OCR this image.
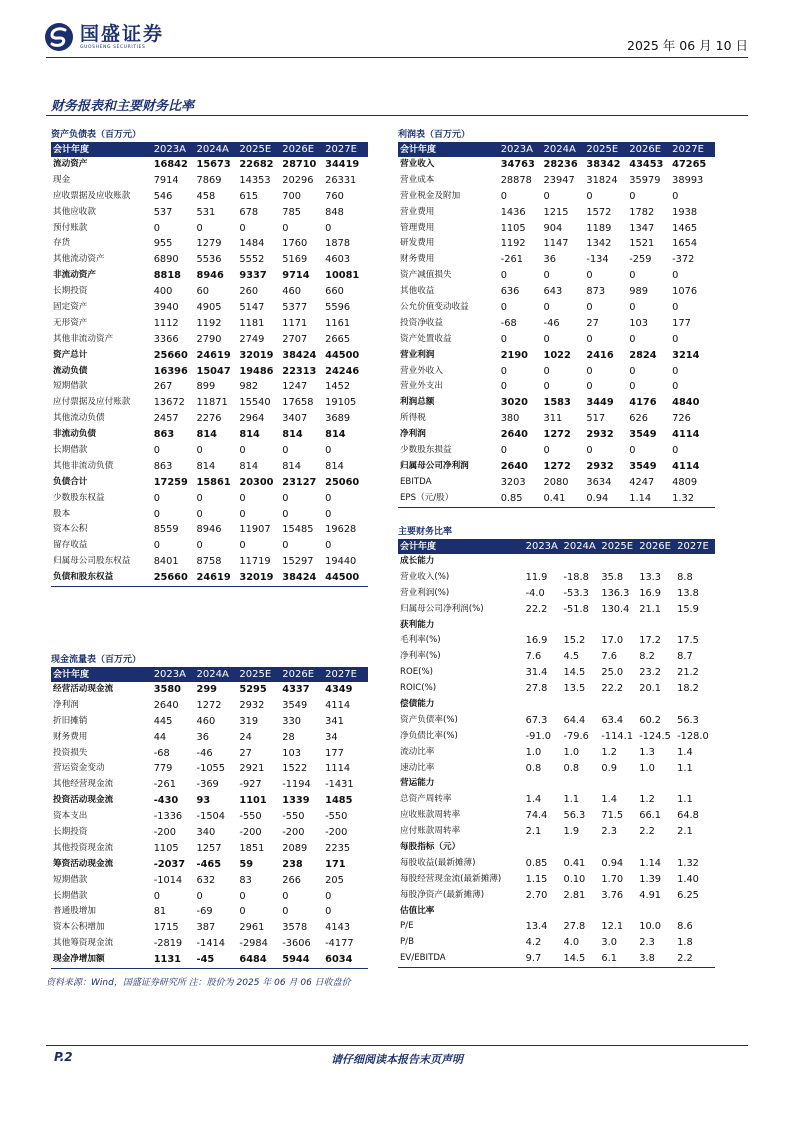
国盛证券
GUOSHENG SECURITIES	2025 年 06 月 10 日
财务报表和主要财务比率
资产负债表（百万元）
会计年度	2023A	2024A	2025E	2026E	2027E
流动资产	16842 15673 22682 28710 34419
现金	7914	7869	14353	20296	26331
应收票据及应收账款	546	458	615	700	760
其他应收款	537	531	678	785	848
预付账款	0	0	0	0	0
存货	955	1279	1484	1760	1878
其他流动资产	6890	5536	5552	5169	4603
非流动资产	8818	8946	9337	9714	10081
长期投资	400	60	260	460	660
固定资产	3940	4905	5147	5377	5596
无形资产	1112	1192	1181	1171	1161
其他非流动资产	3366	2790	2749	2707	2665
资产总计	25660 24619 32019 38424 44500
流动负债	16396 15047 19486 22313 24246
短期借款	267	899	982	1247	1452
应付票据及应付账款	13672	11871	15540	17658	19105
其他流动负债	2457	2276	2964	3407	3689
非流动负债	863	814	814	814	814
长期借款	0	0	0	0	0
其他非流动负债	863	814	814	814	814
负债合计	17259 15861 20300 23127 25060
少数股东权益	0	0	0	0	0
股本	0	0	0	0	0
资本公积	8559	8946	11907	15485	19628
留存收益	0	0	0	0	0
归属母公司股东权益	8401	8758	11719	15297	19440
负债和股东权益	25660 24619 32019 38424 44500
现金流量表（百万元）
会计年度	2023A	2024A	2025E	2026E	2027E
经营活动现金流	3580	299	5295	4337	4349
净利润	2640	1272	2932	3549	4114
折旧摊销	445	460	319	330	341
财务费用	44	36	24	28	34
投资损失	-68	-46	27	103	177
营运资金变动	779	-1055	2921	1522	1114
其他经营现金流	-261	-369	-927	-1194	-1431
投资活动现金流	-430	93	1101	1339	1485
资本支出	-1336	-1504	-550	-550	-550
长期投资	-200	340	-200	-200	-200
其他投资现金流	1105	1257	1851	2089	2235
筹资活动现金流	-2037	-465	59	238	171
短期借款	-1014	632	83	266	205
长期借款	0	0	0	0	0
普通股增加	81	-69	0	0	0
资本公积增加	1715	387	2961	3578	4143
其他筹资现金流	-2819	-1414	-2984	-3606	-4177
现金净增加额	1131	-45	6484	5944	6034
利润表（百万元）
会计年度	2023A	2024A	2025E	2026E	2027E
营业收入	34763 28236 38342 43453 47265
营业成本	28878	23947	31824	35979	38993
营业税金及附加	0	0	0	0	0
营业费用	1436	1215	1572	1782	1938
管理费用	1105	904	1189	1347	1465
研发费用	1192	1147	1342	1521	1654
财务费用	-261	36	-134	-259	-372
资产减值损失	0	0	0	0	0
其他收益	636	643	873	989	1076
公允价值变动收益	0	0	0	0	0
投资净收益	-68	-46	27	103	177
资产处置收益	0	0	0	0	0
营业利润	2190	1022	2416	2824	3214
营业外收入	0	0	0	0	0
营业外支出	0	0	0	0	0
利润总额	3020	1583	3449	4176	4840
所得税	380	311	517	626	726
净利润	2640	1272	2932	3549	4114
少数股东损益	0	0	0	0	0
归属母公司净利润	2640	1272	2932	3549	4114
EBITDA	3203	2080	3634	4247	4809
EPS（元/股）	0.85	0.41	0.94	1.14	1.32
主要财务比率
会计年度	2023A 2024A 2025E 2026E 2027E
成长能力
营业收入(%)	11.9	-18.8	35.8	13.3	8.8
营业利润(%)	-4.0	-53.3	136.3	16.9	13.8
归属母公司净利润(%)	22.2	-51.8	130.4	21.1	15.9
获利能力
毛利率(%)	16.9	15.2	17.0	17.2	17.5
净利率(%)	7.6	4.5	7.6	8.2	8.7
ROE(%)	31.4	14.5	25.0	23.2	21.2
ROIC(%)	27.8	13.5	22.2	20.1	18.2
偿债能力
资产负债率(%)	67.3	64.4	63.4	60.2	56.3
净负债比率(%)	-91.0	-79.6	-114.1 -124.5 -128.0
流动比率	1.0	1.0	1.2	1.3	1.4
速动比率	0.8	0.8	0.9	1.0	1.1
营运能力
总资产周转率	1.4	1.1	1.4	1.2	1.1
应收账款周转率	74.4	56.3	71.5	66.1	64.8
应付账款周转率	2.1	1.9	2.3	2.2	2.1
每股指标（元）
每股收益(最新摊薄)	0.85	0.41	0.94	1.14	1.32
每股经营现金流(最新摊薄)	1.15	0.10	1.70	1.39	1.40
每股净资产(最新摊薄)	2.70	2.81	3.76	4.91	6.25
估值比率
P/E	13.4	27.8	12.1	10.0	8.6
P/B	4.2	4.0	3.0	2.3	1.8
EV/EBITDA	9.7	14.5	6.1	3.8	2.2
资料来源：Wind，国盛证券研究所 注：股价为 2025 年 06 月 06 日收盘价
P.2	请仔细阅读本报告末页声明
